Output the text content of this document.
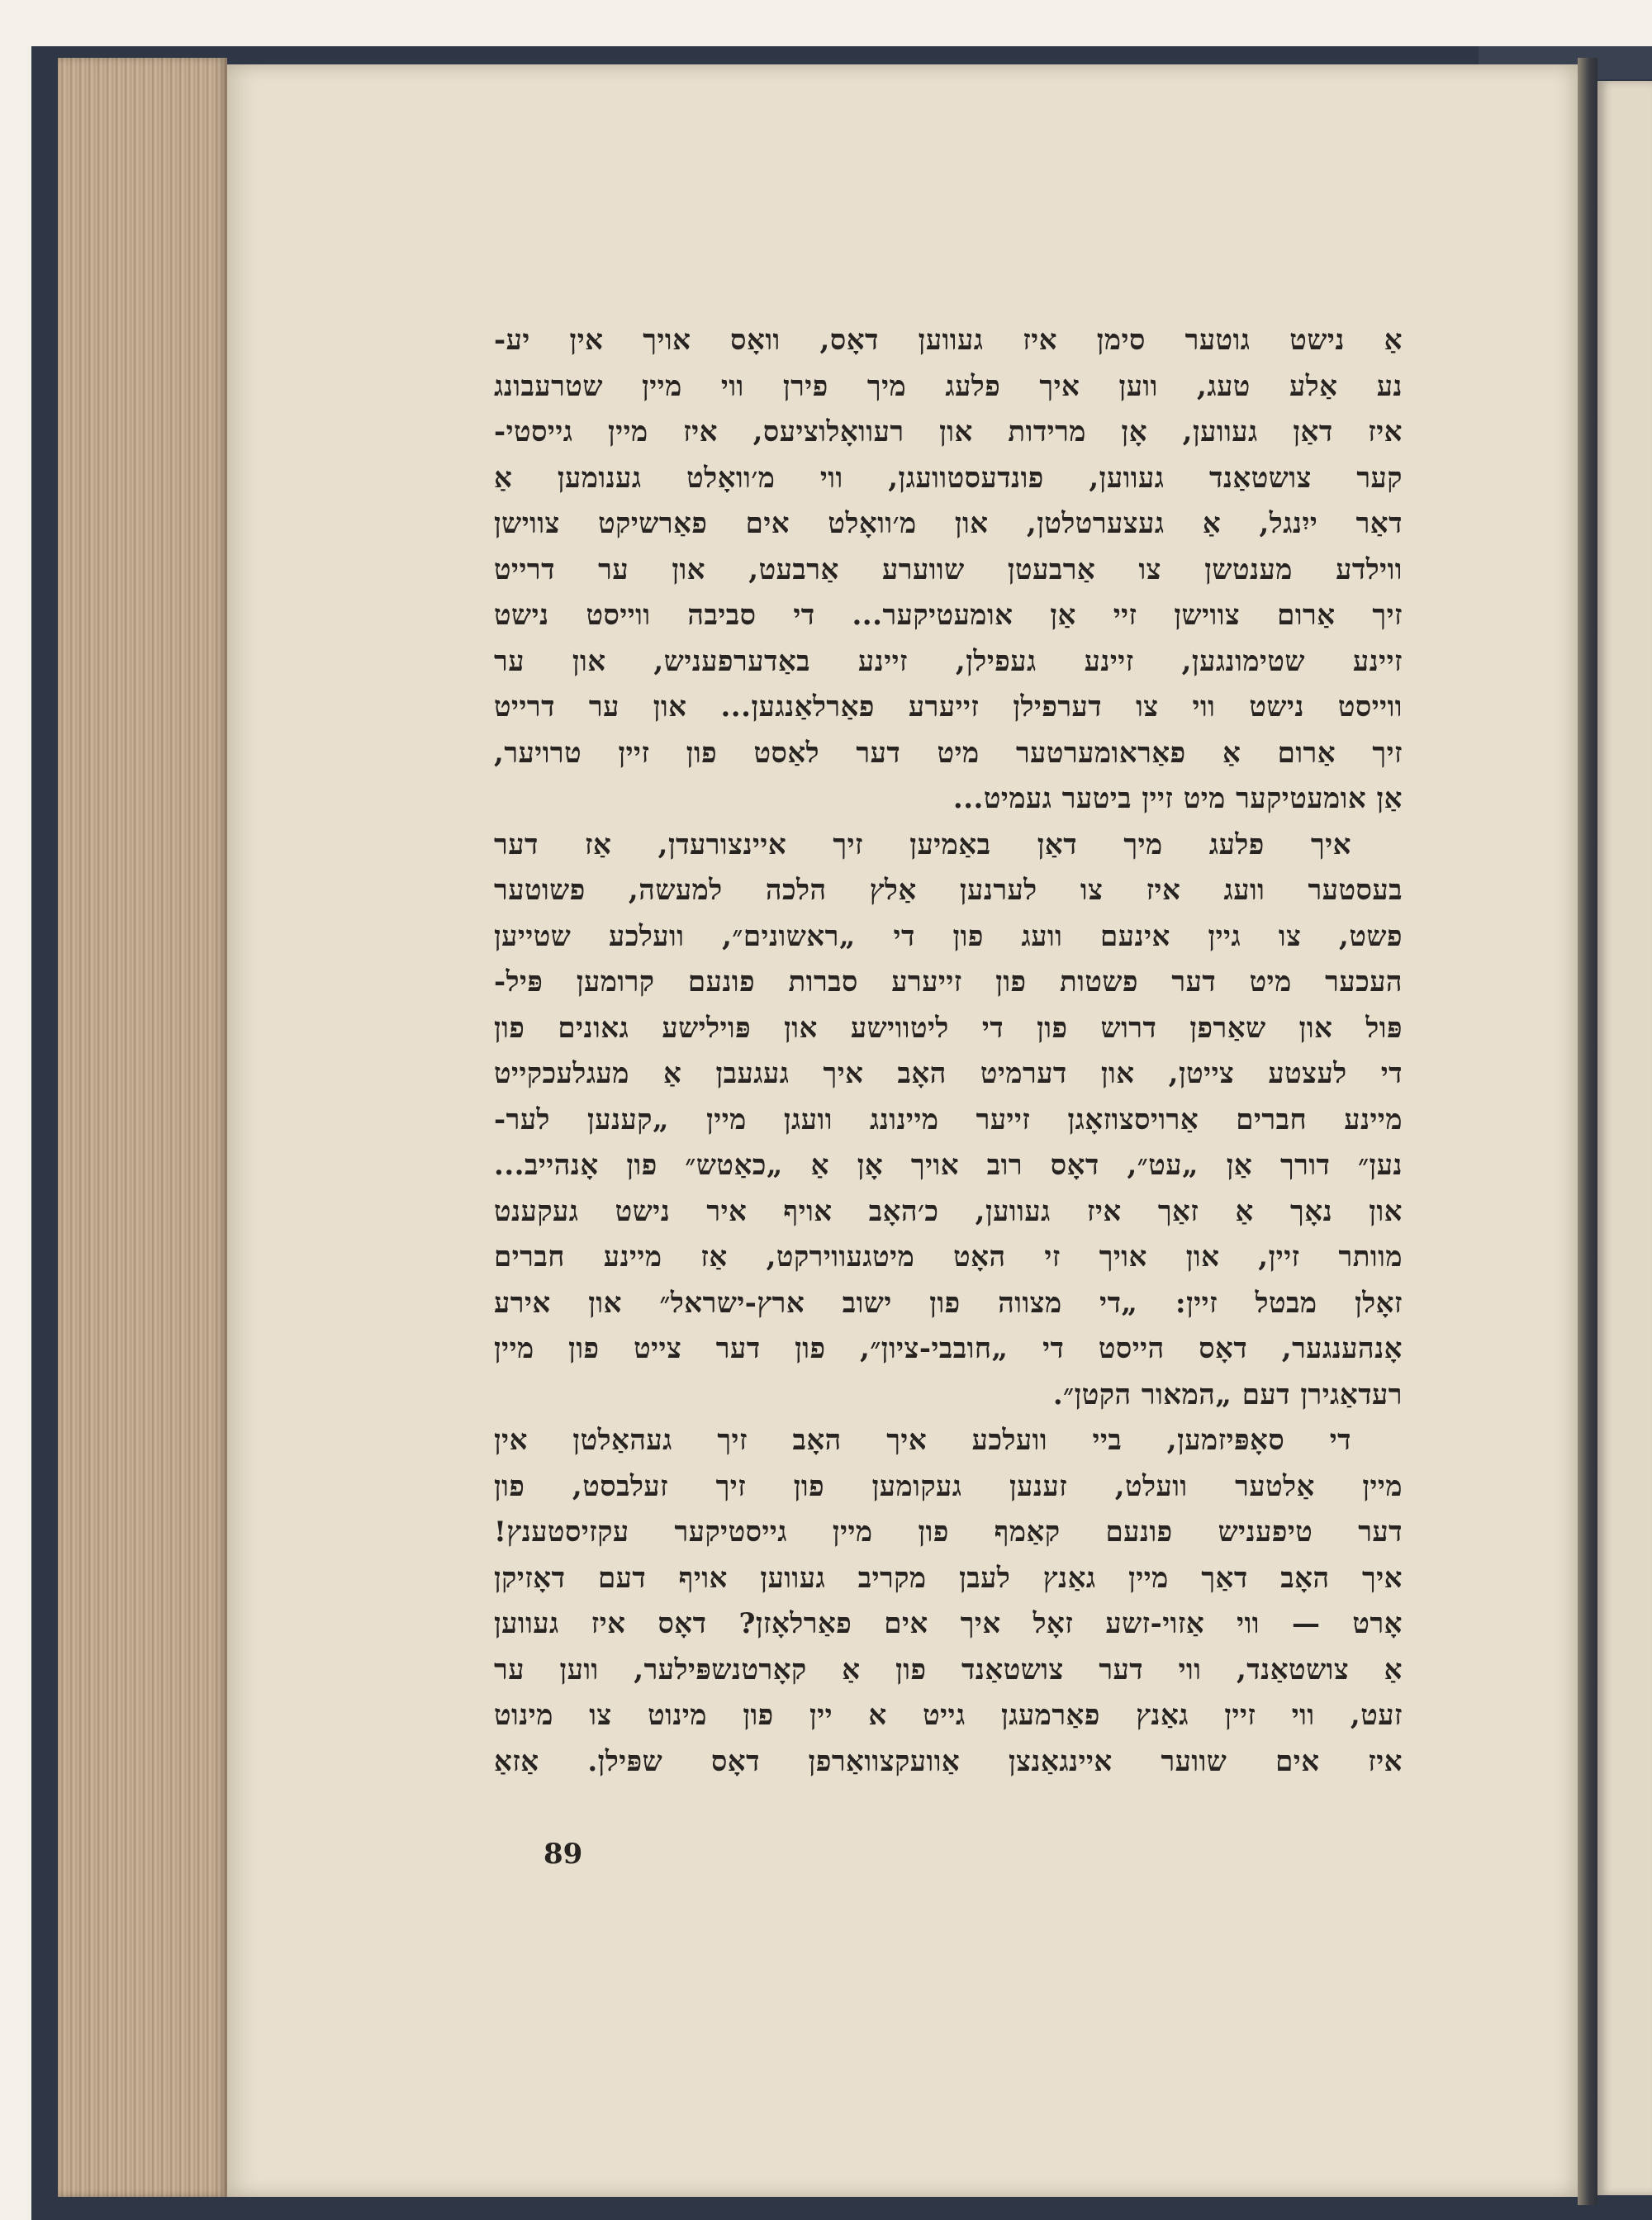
אַ נישט גוטער סימן איז געווען דאָס, וואָס אויך אין יע-
נע אַלע טעג, ווען איך פלעג מיך פירן ווי מיין שטרעבונג
איז דאַן געווען, אָן מרידות און רעוואָלוציעס, איז מיין גייסטי-
קער צושטאַנד געווען, פונדעסטוועגן, ווי מ׳וואָלט גענומען אַ
דאַר ייִנגל, אַ געצערטלטן, און מ׳וואָלט אים פאַרשיקט צווישן
ווילדע מענטשן צו אַרבעטן שווערע אַרבעט, און ער דרייט
זיך אַרום צווישן זיי אַן אומעטיקער... די סביבה ווייסט נישט
זיינע שטימונגען, זיינע געפילן, זיינע באַדערפעניש, און ער
ווייסט נישט ווי צו דערפילן זייערע פאַרלאַנגען... און ער דרייט
זיך אַרום אַ פאַראומערטער מיט דער לאַסט פון זיין טרויער,
אַן אומעטיקער מיט זיין ביטער געמיט...
איך פלעג מיך דאַן באַמיען זיך איינצורעדן, אַז דער
בעסטער וועג איז צו לערנען אַלץ הלכה למעשה, פשוטער
פשט, צו גיין אינעם וועג פון די „ראשונים״, וועלכע שטייען
העכער מיט דער פשטות פון זייערע סברות פונעם קרומען פּיל-
פּול און שאַרפן דרוש פון די ליטווישע און פּוילישע גאונים פון
די לעצטע צייטן, און דערמיט האָב איך געגעבן אַ מעגלעכקייט
מיינע חברים אַרויסצוזאָגן זייער מיינונג וועגן מיין „קענען לער-
נען״ דורך אַן „עט״, דאָס רוב אויך אָן אַ „כאַטש״ פון אָנהייב...
און נאָך אַ זאַך איז געווען, כ׳האָב אויף איר נישט געקענט
מוותר זיין, און אויך זי האָט מיטגעווירקט, אַז מיינע חברים
זאָלן מבטל זיין: „די מצווה פון ישוב ארץ-ישראל״ און אירע
אָנהענגער, דאָס הייסט די „חובבי-ציון״, פון דער צייט פון מיין
רעדאַגירן דעם „המאור הקטן״.
די סאָפּיזמען, ביי וועלכע איך האָב זיך געהאַלטן אין
מיין אַלטער וועלט, זענען געקומען פון זיך זעלבסט, פון
דער טיפעניש פונעם קאַמף פון מיין גייסטיקער עקזיסטענץ!
איך האָב דאַך מיין גאַנץ לעבן מקריב געווען אויף דעם דאָזיקן
אָרט — ווי אַזוי-זשע זאָל איך אים פאַרלאָזן? דאָס איז געווען
אַ צושטאַנד, ווי דער צושטאַנד פון אַ קאָרטנשפּילער, ווען ער
זעט, ווי זיין גאַנץ פאַרמעגן גייט א יין פון מינוט צו מינוט
איז אים שווער איינגאַנצן אַוועקצוואַרפן דאָס שפּילן. אַזאַ
89
